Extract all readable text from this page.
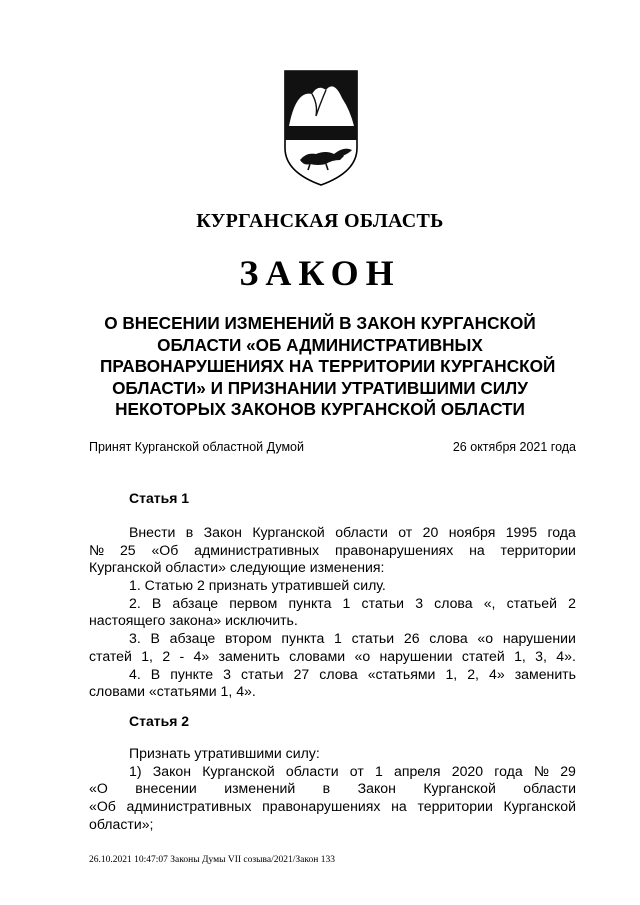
КУРГАНСКАЯ ОБЛАСТЬ
ЗАКОН
О ВНЕСЕНИИ ИЗМЕНЕНИЙ В ЗАКОН КУРГАНСКОЙ
ОБЛАСТИ «ОБ АДМИНИСТРАТИВНЫХ
ПРАВОНАРУШЕНИЯХ НА ТЕРРИТОРИИ КУРГАНСКОЙ
ОБЛАСТИ» И ПРИЗНАНИИ УТРАТИВШИМИ СИЛУ
НЕКОТОРЫХ ЗАКОНОВ КУРГАНСКОЙ ОБЛАСТИ
Принят Курганской областной Думой	26 октября 2021 года
Статья 1
Внести в Закон Курганской области от 20 ноября 1995 года
№ 25 «Об административных правонарушениях на территории
Курганской области» следующие изменения:
1. Статью 2 признать утратившей силу.
2. В абзаце первом пункта 1 статьи 3 слова «, статьей 2
настоящего закона» исключить.
3. В абзаце втором пункта 1 статьи 26 слова «о нарушении
статей 1, 2 - 4» заменить словами «о нарушении статей 1, 3, 4».
4. В пункте 3 статьи 27 слова «статьями 1, 2, 4» заменить
словами «статьями 1, 4».
Статья 2
Признать утратившими силу:
1) Закон Курганской области от 1 апреля 2020 года № 29
«О внесении изменений в Закон Курганской области
«Об административных правонарушениях на территории Курганской
области»;
26.10.2021 10:47:07 Законы Думы VII созыва/2021/Закон 133
